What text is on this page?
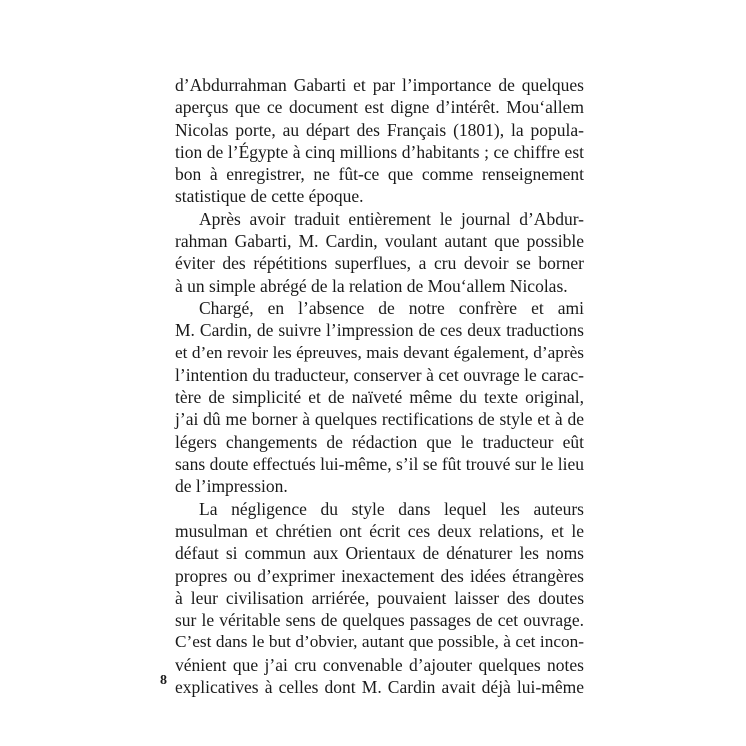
d’Abdurrahman Gabarti et par l’importance de quelques
aperçus que ce document est digne d’intérêt. Mou‘allem
Nicolas porte, au départ des Français (1801), la popula-
tion de l’Égypte à cinq millions d’habitants ; ce chiffre est
bon à enregistrer, ne fût-ce que comme renseignement
statistique de cette époque.
Après avoir traduit entièrement le journal d’Abdur-
rahman Gabarti, M. Cardin, voulant autant que possible
éviter des répétitions superflues, a cru devoir se borner
à un simple abrégé de la relation de Mou‘allem Nicolas.
Chargé, en l’absence de notre confrère et ami
M. Cardin, de suivre l’impression de ces deux traductions
et d’en revoir les épreuves, mais devant également, d’après
l’intention du traducteur, conserver à cet ouvrage le carac-
tère de simplicité et de naïveté même du texte original,
j’ai dû me borner à quelques rectifications de style et à de
légers changements de rédaction que le traducteur eût
sans doute effectués lui-même, s’il se fût trouvé sur le lieu
de l’impression.
La négligence du style dans lequel les auteurs
musulman et chrétien ont écrit ces deux relations, et le
défaut si commun aux Orientaux de dénaturer les noms
propres ou d’exprimer inexactement des idées étrangères
à leur civilisation arriérée, pouvaient laisser des doutes
sur le véritable sens de quelques passages de cet ouvrage.
C’est dans le but d’obvier, autant que possible, à cet incon-
vénient que j’ai cru convenable d’ajouter quelques notes
explicatives à celles dont M. Cardin avait déjà lui-même
8
